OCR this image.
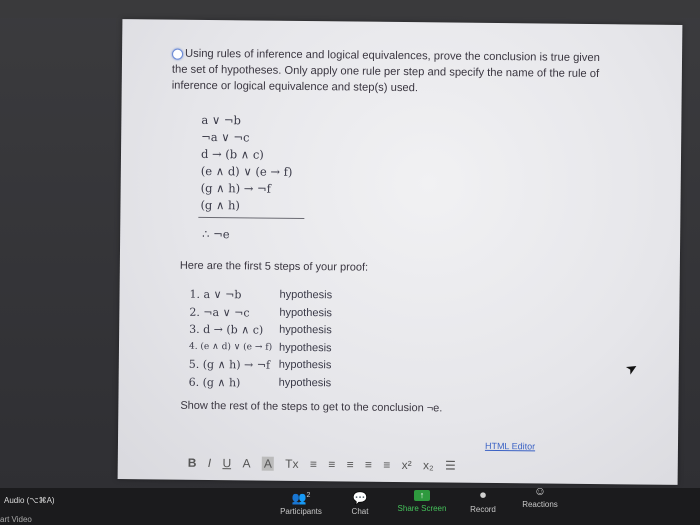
Using rules of inference and logical equivalences, prove the conclusion is true given the set of hypotheses. Only apply one rule per step and specify the name of the rule of inference or logical equivalence and step(s) used.
a ∨ ¬b
¬a ∨ ¬c
d → (b ∧ c)
(e ∧ d) ∨ (e → f)
(g ∧ h) → ¬f
(g ∧ h)
∴ ¬e
Here are the first 5 steps of your proof:
1. a ∨ ¬b	hypothesis
2. ¬a ∨ ¬c	hypothesis
3. d → (b ∧ c) hypothesis
4. (e ∧ d) ∨ (e → f) hypothesis
5. (g ∧ h) → ¬f hypothesis
6. (g ∧ h)	hypothesis
Show the rest of the steps to get to the conclusion ¬e.
HTML Editor
B I U A A Tx ≡ ≡ ≡ ≡ ≡ x² x₂ ☰
➤
Audio (⌥⌘A)
art Video
👥$^2$
Participants
💬
Chat
↑
Share Screen
⏺
Record
☺
Reactions
